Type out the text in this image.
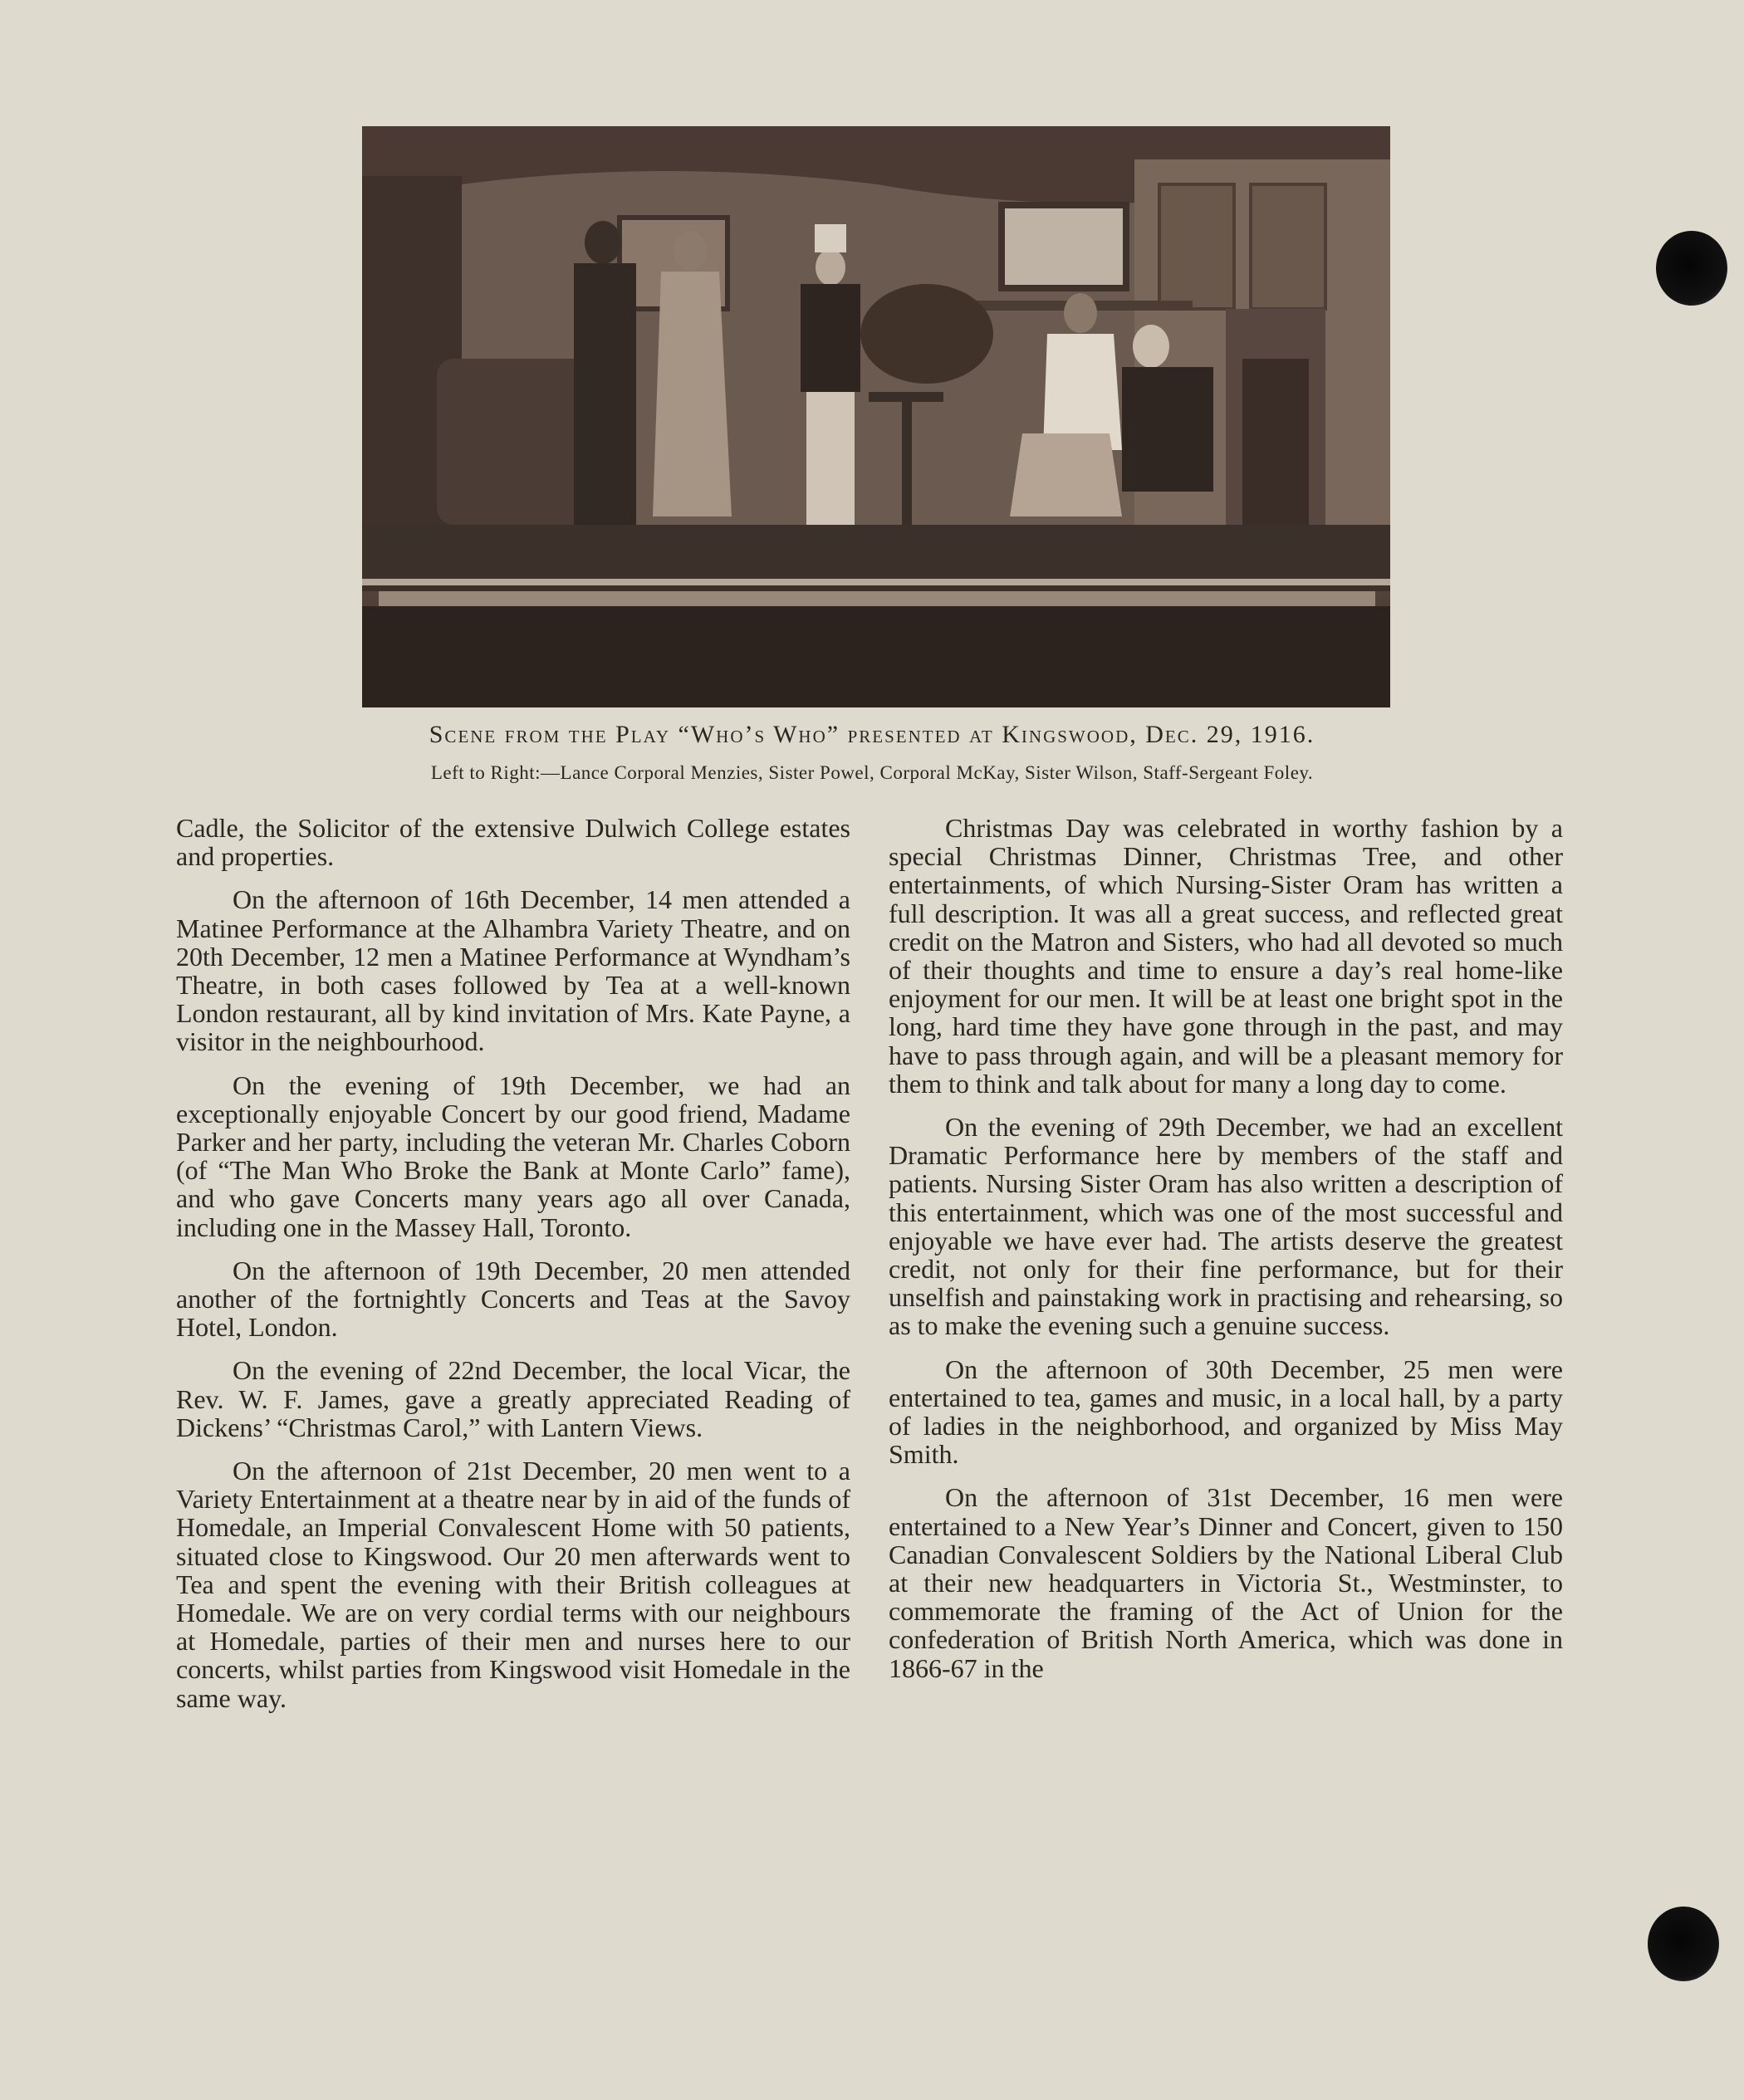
Scene from the Play “Who’s Who” presented at Kingswood, Dec. 29, 1916.
Left to Right:—Lance Corporal Menzies, Sister Powel, Corporal McKay, Sister Wilson, Staff-Sergeant Foley.

Cadle, the Solicitor of the extensive Dulwich College estates and properties.

On the afternoon of 16th December, 14 men attended a Matinee Performance at the Alhambra Variety Theatre, and on 20th December, 12 men a Matinee Performance at Wyndham’s Theatre, in both cases followed by Tea at a well-known London restaurant, all by kind invitation of Mrs. Kate Payne, a visitor in the neighbourhood.

On the evening of 19th December, we had an exceptionally enjoyable Concert by our good friend, Madame Parker and her party, including the veteran Mr. Charles Coborn (of “The Man Who Broke the Bank at Monte Carlo” fame), and who gave Concerts many years ago all over Canada, including one in the Massey Hall, Toronto.

On the afternoon of 19th December, 20 men attended another of the fortnightly Concerts and Teas at the Savoy Hotel, London.

On the evening of 22nd December, the local Vicar, the Rev. W. F. James, gave a greatly appreciated Reading of Dickens’ “Christmas Carol,” with Lantern Views.

On the afternoon of 21st December, 20 men went to a Variety Entertainment at a theatre near by in aid of the funds of Homedale, an Imperial Convalescent Home with 50 patients, situated close to Kingswood. Our 20 men afterwards went to Tea and spent the evening with their British colleagues at Homedale. We are on very cordial terms with our neighbours at Homedale, parties of their men and nurses here to our concerts, whilst parties from Kingswood visit Homedale in the same way.

Christmas Day was celebrated in worthy fashion by a special Christmas Dinner, Christmas Tree, and other entertainments, of which Nursing-Sister Oram has written a full description. It was all a great success, and reflected great credit on the Matron and Sisters, who had all devoted so much of their thoughts and time to ensure a day’s real home-like enjoyment for our men. It will be at least one bright spot in the long, hard time they have gone through in the past, and may have to pass through again, and will be a pleasant memory for them to think and talk about for many a long day to come.

On the evening of 29th December, we had an excellent Dramatic Performance here by members of the staff and patients. Nursing Sister Oram has also written a description of this entertainment, which was one of the most successful and enjoyable we have ever had. The artists deserve the greatest credit, not only for their fine performance, but for their unselfish and painstaking work in practising and rehearsing, so as to make the evening such a genuine success.

On the afternoon of 30th December, 25 men were entertained to tea, games and music, in a local hall, by a party of ladies in the neighborhood, and organized by Miss May Smith.

On the afternoon of 31st December, 16 men were entertained to a New Year’s Dinner and Concert, given to 150 Canadian Convalescent Soldiers by the National Liberal Club at their new headquarters in Victoria St., Westminster, to commemorate the framing of the Act of Union for the confederation of British North America, which was done in 1866-67 in the
